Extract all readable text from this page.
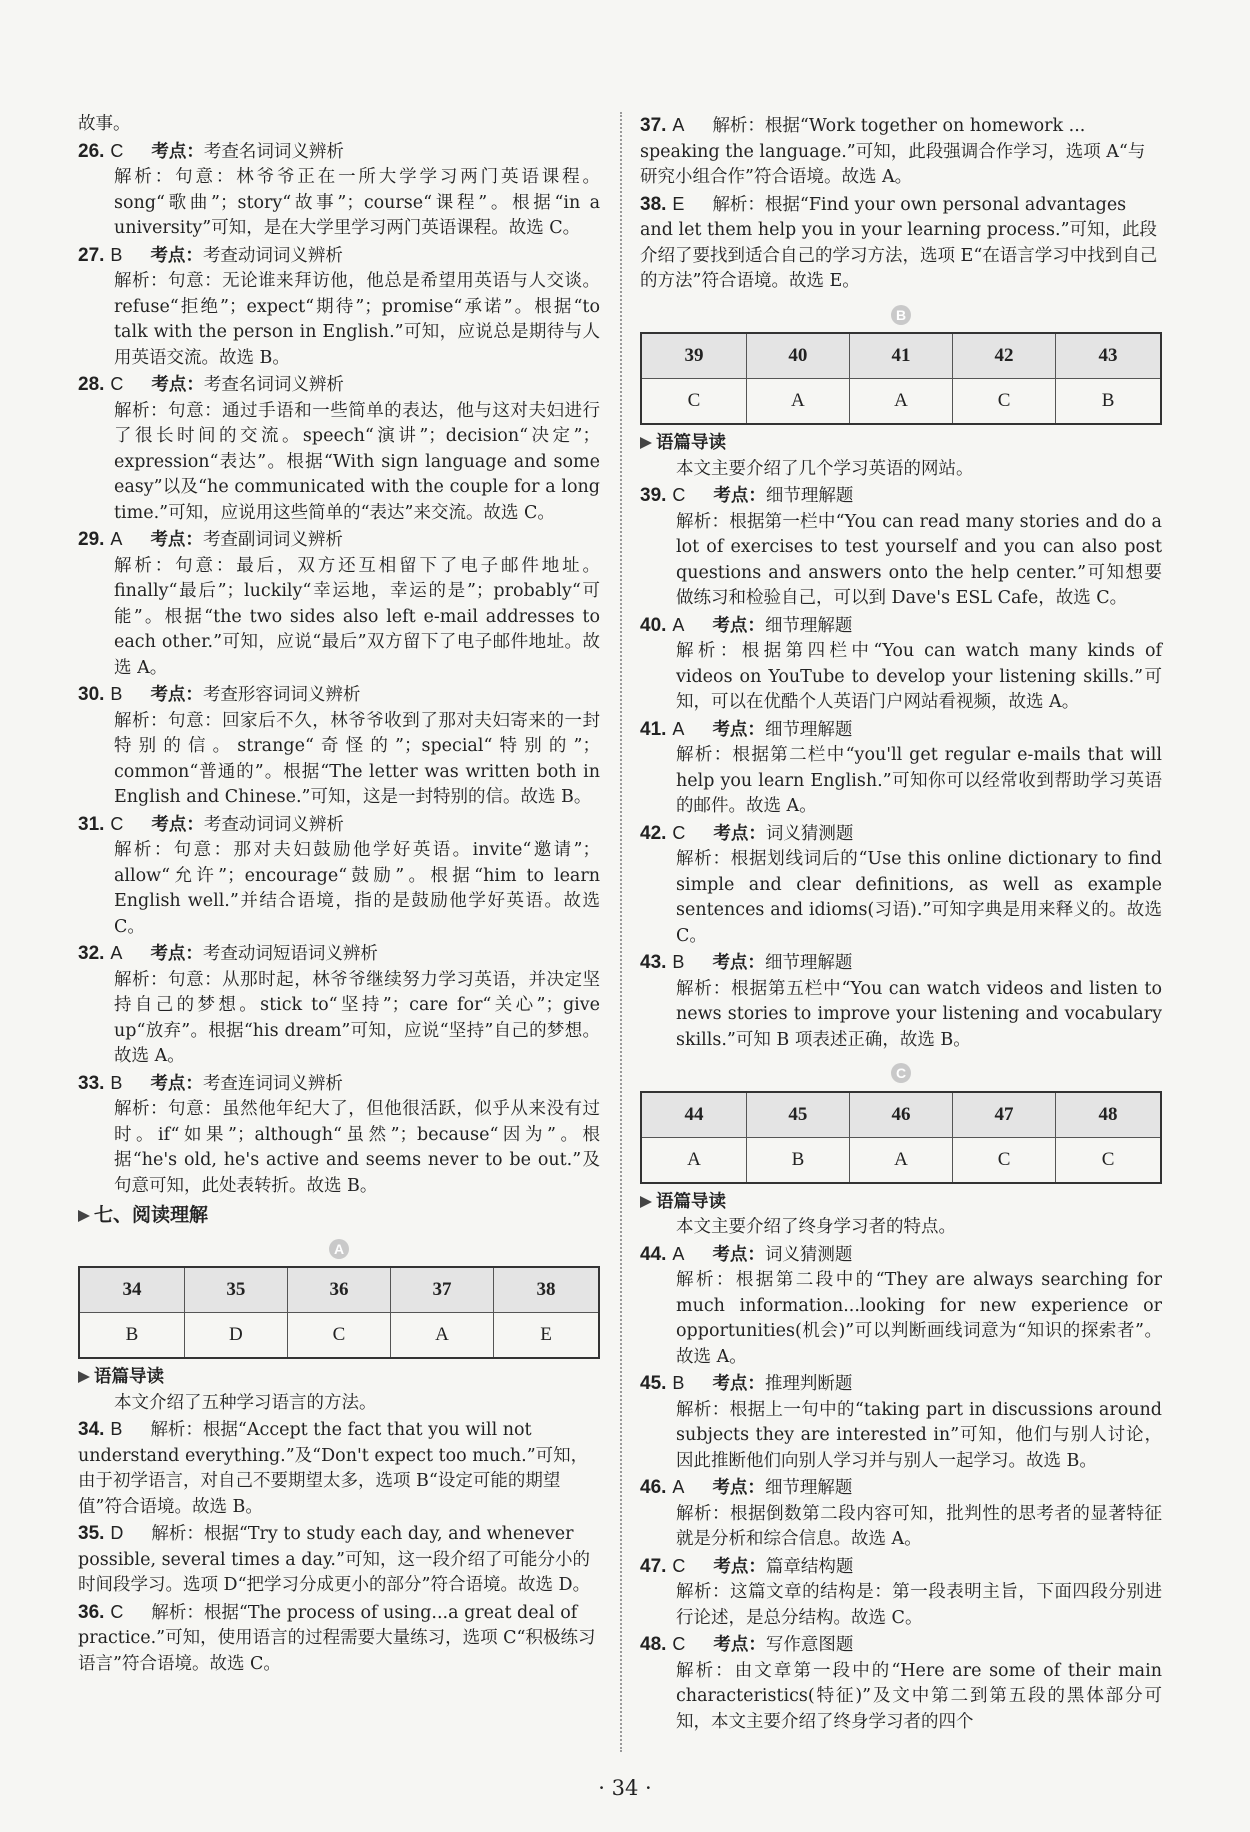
故事。

26. C 考点：考查名词词义辨析

解析：句意：林爷爷正在一所大学学习两门英语课程。song“歌曲”；story“故事”；course“课程”。根据“in a university”可知，是在大学里学习两门英语课程。故选 C。

27. B 考点：考查动词词义辨析

解析：句意：无论谁来拜访他，他总是希望用英语与人交谈。refuse“拒绝”；expect“期待”；promise“承诺”。根据“to talk with the person in English.”可知，应说总是期待与人用英语交流。故选 B。

28. C 考点：考查名词词义辨析

解析：句意：通过手语和一些简单的表达，他与这对夫妇进行了很长时间的交流。speech“演讲”；decision“决定”；expression“表达”。根据“With sign language and some easy”以及“he communicated with the couple for a long time.”可知，应说用这些简单的“表达”来交流。故选 C。

29. A 考点：考查副词词义辨析

解析：句意：最后，双方还互相留下了电子邮件地址。finally“最后”；luckily“幸运地，幸运的是”；probably“可能”。根据“the two sides also left e-mail addresses to each other.”可知，应说“最后”双方留下了电子邮件地址。故选 A。

30. B 考点：考查形容词词义辨析

解析：句意：回家后不久，林爷爷收到了那对夫妇寄来的一封特别的信。strange“奇怪的”；special“特别的”；common“普通的”。根据“The letter was written both in English and Chinese.”可知，这是一封特别的信。故选 B。

31. C 考点：考查动词词义辨析

解析：句意：那对夫妇鼓励他学好英语。invite“邀请”；allow“允许”；encourage“鼓励”。根据“him to learn English well.”并结合语境，指的是鼓励他学好英语。故选 C。

32. A 考点：考查动词短语词义辨析

解析：句意：从那时起，林爷爷继续努力学习英语，并决定坚持自己的梦想。stick to“坚持”；care for“关心”；give up“放弃”。根据“his dream”可知，应说“坚持”自己的梦想。故选 A。

33. B 考点：考查连词词义辨析

解析：句意：虽然他年纪大了，但他很活跃，似乎从来没有过时。if“如果”；although“虽然”；because“因为”。根据“he's old, he's active and seems never to be out.”及句意可知，此处表转折。故选 B。

七、阅读理解
A
34	35	36	37	38
B	D	C	A	E
语篇导读

本文介绍了五种学习语言的方法。

34. B 解析：根据“Accept the fact that you will not understand everything.”及“Don't expect too much.”可知，由于初学语言，对自己不要期望太多，选项 B“设定可能的期望值”符合语境。故选 B。
35. D 解析：根据“Try to study each day, and whenever possible, several times a day.”可知，这一段介绍了可能分小的时间段学习。选项 D“把学习分成更小的部分”符合语境。故选 D。
36. C 解析：根据“The process of using...a great deal of practice.”可知，使用语言的过程需要大量练习，选项 C“积极练习语言”符合语境。故选 C。
37. A 解析：根据“Work together on homework ... speaking the language.”可知，此段强调合作学习，选项 A“与研究小组合作”符合语境。故选 A。
38. E 解析：根据“Find your own personal advantages and let them help you in your learning process.”可知，此段介绍了要找到适合自己的学习方法，选项 E“在语言学习中找到自己的方法”符合语境。故选 E。
B
39	40	41	42	43
C	A	A	C	B
语篇导读

本文主要介绍了几个学习英语的网站。

39. C 考点：细节理解题

解析：根据第一栏中“You can read many stories and do a lot of exercises to test yourself and you can also post questions and answers onto the help center.”可知想要做练习和检验自己，可以到 Dave's ESL Cafe，故选 C。

40. A 考点：细节理解题

解析：根据第四栏中“You can watch many kinds of videos on YouTube to develop your listening skills.”可知，可以在优酷个人英语门户网站看视频，故选 A。

41. A 考点：细节理解题

解析：根据第二栏中“you'll get regular e-mails that will help you learn English.”可知你可以经常收到帮助学习英语的邮件。故选 A。

42. C 考点：词义猜测题

解析：根据划线词后的“Use this online dictionary to find simple and clear definitions, as well as example sentences and idioms(习语).”可知字典是用来释义的。故选 C。

43. B 考点：细节理解题

解析：根据第五栏中“You can watch videos and listen to news stories to improve your listening and vocabulary skills.”可知 B 项表述正确，故选 B。

C
44	45	46	47	48
A	B	A	C	C
语篇导读

本文主要介绍了终身学习者的特点。

44. A 考点：词义猜测题

解析：根据第二段中的“They are always searching for much information...looking for new experience or opportunities(机会)”可以判断画线词意为“知识的探索者”。故选 A。

45. B 考点：推理判断题

解析：根据上一句中的“taking part in discussions around subjects they are interested in”可知，他们与别人讨论，因此推断他们向别人学习并与别人一起学习。故选 B。

46. A 考点：细节理解题

解析：根据倒数第二段内容可知，批判性的思考者的显著特征就是分析和综合信息。故选 A。

47. C 考点：篇章结构题

解析：这篇文章的结构是：第一段表明主旨，下面四段分别进行论述，是总分结构。故选 C。

48. C 考点：写作意图题

解析：由文章第一段中的“Here are some of their main characteristics(特征)”及文中第二到第五段的黑体部分可知，本文主要介绍了终身学习者的四个

· 34 ·
